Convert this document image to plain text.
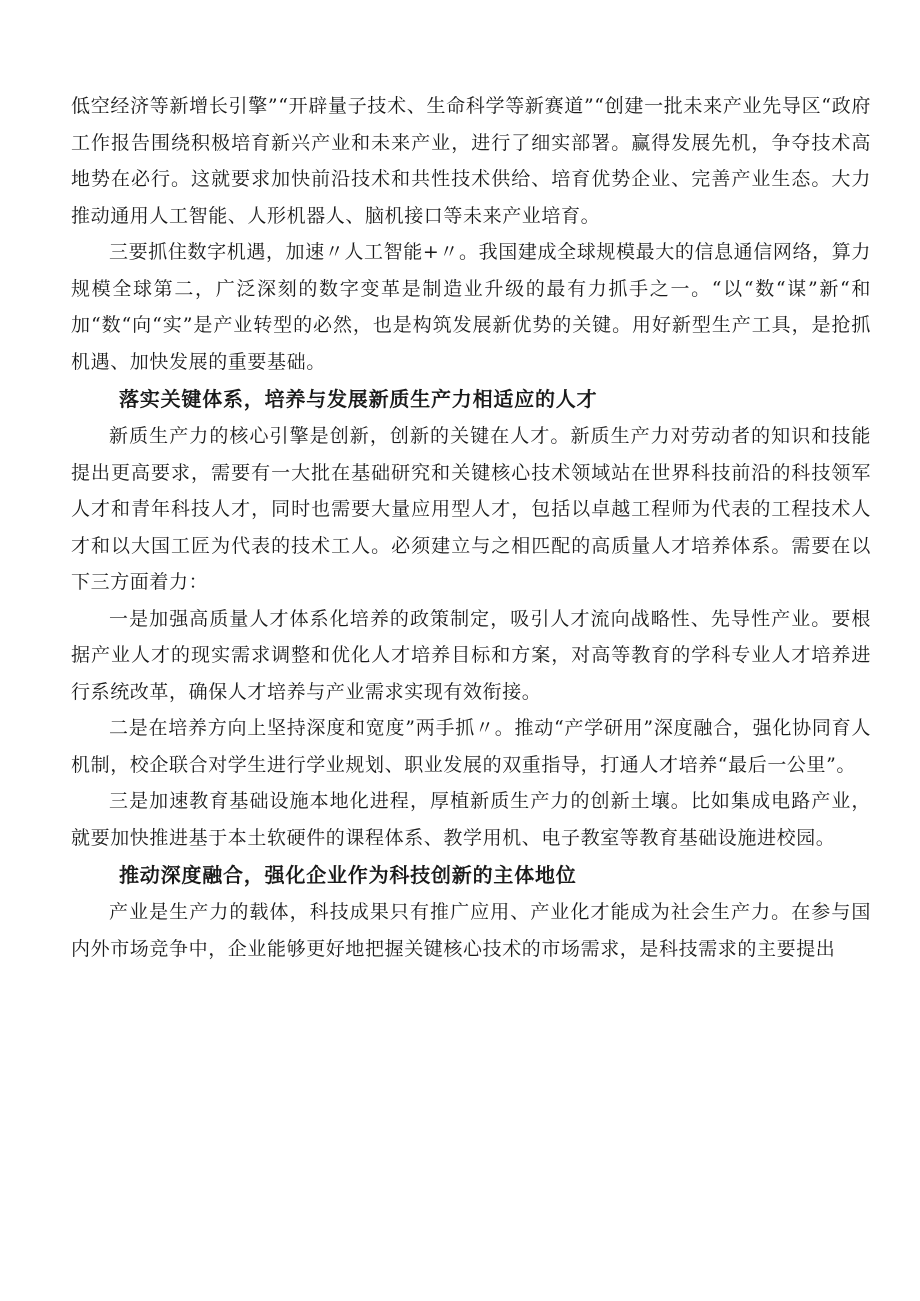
低空经济等新增长引擎”“开辟量子技术、生命科学等新赛道”“创建一批未来产业先导区“政府工作报告围绕积极培育新兴产业和未来产业，进行了细实部署。赢得发展先机，争夺技术高地势在必行。这就要求加快前沿技术和共性技术供给、培育优势企业、完善产业生态。大力推动通用人工智能、人形机器人、脑机接口等未来产业培育。

三要抓住数字机遇，加速〃人工智能+〃。我国建成全球规模最大的信息通信网络，算力规模全球第二，广泛深刻的数字变革是制造业升级的最有力抓手之一。“以“数“谋”新“和加“数“向“实”是产业转型的必然，也是构筑发展新优势的关键。用好新型生产工具，是抢抓机遇、加快发展的重要基础。

落实关键体系，培养与发展新质生产力相适应的人才

新质生产力的核心引擎是创新，创新的关键在人才。新质生产力对劳动者的知识和技能提出更高要求，需要有一大批在基础研究和关键核心技术领域站在世界科技前沿的科技领军人才和青年科技人才，同时也需要大量应用型人才，包括以卓越工程师为代表的工程技术人才和以大国工匠为代表的技术工人。必须建立与之相匹配的高质量人才培养体系。需要在以下三方面着力：

一是加强高质量人才体系化培养的政策制定，吸引人才流向战略性、先导性产业。要根据产业人才的现实需求调整和优化人才培养目标和方案，对高等教育的学科专业人才培养进行系统改革，确保人才培养与产业需求实现有效衔接。

二是在培养方向上坚持深度和宽度”两手抓〃。推动“产学研用”深度融合，强化协同育人机制，校企联合对学生进行学业规划、职业发展的双重指导，打通人才培养“最后一公里”。

三是加速教育基础设施本地化进程，厚植新质生产力的创新土壤。比如集成电路产业，就要加快推进基于本土软硬件的课程体系、教学用机、电子教室等教育基础设施进校园。

推动深度融合，强化企业作为科技创新的主体地位

产业是生产力的载体，科技成果只有推广应用、产业化才能成为社会生产力。在参与国内外市场竞争中，企业能够更好地把握关键核心技术的市场需求，是科技需求的主要提出
